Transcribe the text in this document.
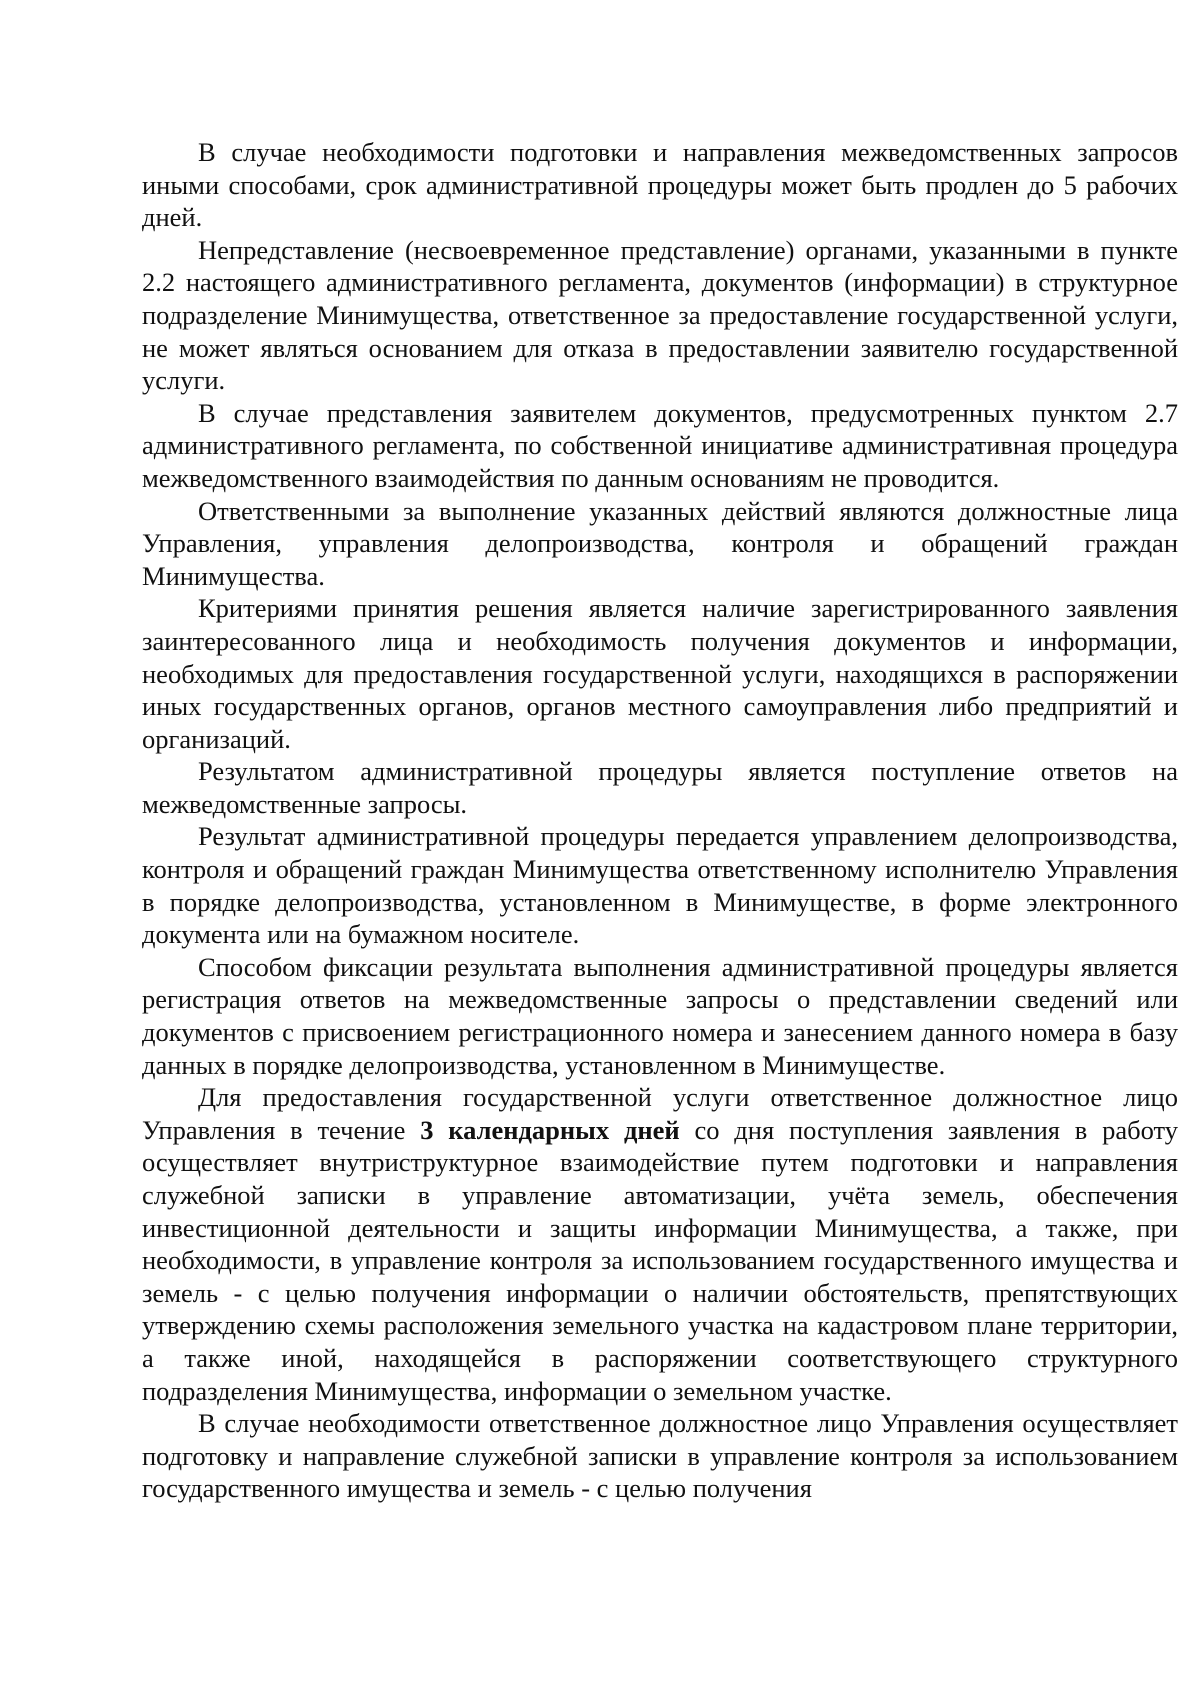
В случае необходимости подготовки и направления межведомственных запросов иными способами, срок административной процедуры может быть продлен до 5 рабочих дней.

Непредставление (несвоевременное представление) органами, указанными в пункте 2.2 настоящего административного регламента, документов (информации) в структурное подразделение Минимущества, ответственное за предоставление государственной услуги, не может являться основанием для отказа в предоставлении заявителю государственной услуги.

В случае представления заявителем документов, предусмотренных пунктом 2.7 административного регламента, по собственной инициативе административная процедура межведомственного взаимодействия по данным основаниям не проводится.

Ответственными за выполнение указанных действий являются должностные лица Управления, управления делопроизводства, контроля и обращений граждан Минимущества.

Критериями принятия решения является наличие зарегистрированного заявления заинтересованного лица и необходимость получения документов и информации, необходимых для предоставления государственной услуги, находящихся в распоряжении иных государственных органов, органов местного самоуправления либо предприятий и организаций.

Результатом административной процедуры является поступление ответов на межведомственные запросы.

Результат административной процедуры передается управлением делопроизводства, контроля и обращений граждан Минимущества ответственному исполнителю Управления в порядке делопроизводства, установленном в Минимуществе, в форме электронного документа или на бумажном носителе.

Способом фиксации результата выполнения административной процедуры является регистрация ответов на межведомственные запросы о представлении сведений или документов с присвоением регистрационного номера и занесением данного номера в базу данных в порядке делопроизводства, установленном в Минимуществе.

Для предоставления государственной услуги ответственное должностное лицо Управления в течение 3 календарных дней со дня поступления заявления в работу осуществляет внутриструктурное взаимодействие путем подготовки и направления служебной записки в управление автоматизации, учёта земель, обеспечения инвестиционной деятельности и защиты информации Минимущества, а также, при необходимости, в управление контроля за использованием государственного имущества и земель - с целью получения информации о наличии обстоятельств, препятствующих утверждению схемы расположения земельного участка на кадастровом плане территории, а также иной, находящейся в распоряжении соответствующего структурного подразделения Минимущества, информации о земельном участке.

В случае необходимости ответственное должностное лицо Управления осуществляет подготовку и направление служебной записки в управление контроля за использованием государственного имущества и земель - с целью получения
